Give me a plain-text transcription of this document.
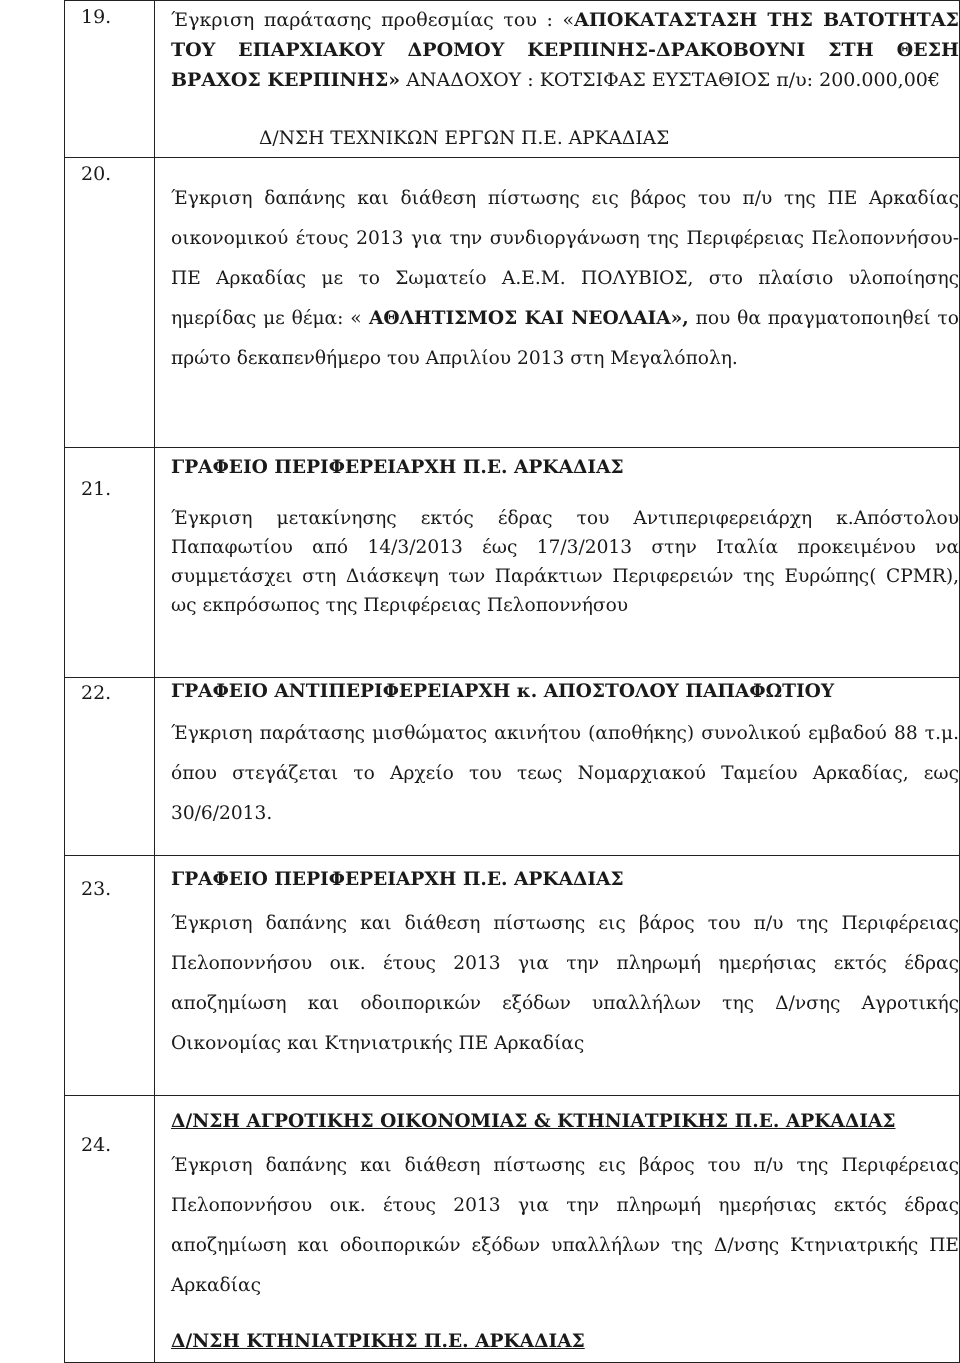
19.	Έγκριση παράτασης προθεσμίας του : «ΑΠΟΚΑΤΑΣΤΑΣΗ ΤΗΣ ΒΑΤΟΤΗΤΑΣ ΤΟΥ ΕΠΑΡΧΙΑΚΟΥ ΔΡΟΜΟΥ ΚΕΡΠΙΝΗΣ-ΔΡΑΚΟΒΟΥΝΙ ΣΤΗ ΘΕΣΗ ΒΡΑΧΟΣ ΚΕΡΠΙΝΗΣ» ΑΝΑΔΟΧΟΥ : ΚΟΤΣΙΦΑΣ ΕΥΣΤΑΘΙΟΣ π/υ: 200.000,00€

Δ/ΝΣΗ ΤΕΧΝΙΚΩΝ ΕΡΓΩΝ Π.Ε. ΑΡΚΑΔΙΑΣ

20.	Έγκριση δαπάνης και διάθεση πίστωσης εις βάρος του π/υ της ΠΕ Αρκαδίας οικονομικού έτους 2013 για την συνδιοργάνωση της Περιφέρειας Πελοποννήσου-ΠΕ Αρκαδίας με το Σωματείο Α.Ε.Μ. ΠΟΛΥΒΙΟΣ, στο πλαίσιο υλοποίησης ημερίδας με θέμα: « ΑΘΛΗΤΙΣΜΟΣ ΚΑΙ ΝΕΟΛΑΙΑ», που θα πραγματοποιηθεί το πρώτο δεκαπενθήμερο του Απριλίου 2013 στη Μεγαλόπολη.

21.	ΓΡΑΦΕΙΟ ΠΕΡΙΦΕΡΕΙΑΡΧΗ Π.Ε. ΑΡΚΑΔΙΑΣ

Έγκριση μετακίνησης εκτός έδρας του Αντιπεριφερειάρχη κ.Απόστολου Παπαφωτίου από 14/3/2013 έως 17/3/2013 στην Ιταλία προκειμένου να συμμετάσχει στη Διάσκεψη των Παράκτιων Περιφερειών της Ευρώπης( CPMR), ως εκπρόσωπος της Περιφέρειας Πελοποννήσου

22.	ΓΡΑΦΕΙΟ ΑΝΤΙΠΕΡΙΦΕΡΕΙΑΡΧΗ κ. ΑΠΟΣΤΟΛΟΥ ΠΑΠΑΦΩΤΙΟΥ

Έγκριση παράτασης μισθώματος ακινήτου (αποθήκης) συνολικού εμβαδού 88 τ.μ. όπου στεγάζεται το Αρχείο του τεως Νομαρχιακού Ταμείου Αρκαδίας, εως 30/6/2013.

23.	ΓΡΑΦΕΙΟ ΠΕΡΙΦΕΡΕΙΑΡΧΗ Π.Ε. ΑΡΚΑΔΙΑΣ

Έγκριση δαπάνης και διάθεση πίστωσης εις βάρος του π/υ της Περιφέρειας Πελοποννήσου οικ. έτους 2013 για την πληρωμή ημερήσιας εκτός έδρας αποζημίωση και οδοιπορικών εξόδων υπαλλήλων της Δ/νσης Αγροτικής Οικονομίας και Κτηνιατρικής ΠΕ Αρκαδίας

24.	Δ/ΝΣΗ ΑΓΡΟΤΙΚΗΣ ΟΙΚΟΝΟΜΙΑΣ & ΚΤΗΝΙΑΤΡΙΚΗΣ Π.Ε. ΑΡΚΑΔΙΑΣ

Έγκριση δαπάνης και διάθεση πίστωσης εις βάρος του π/υ της Περιφέρειας Πελοποννήσου οικ. έτους 2013 για την πληρωμή ημερήσιας εκτός έδρας αποζημίωση και οδοιπορικών εξόδων υπαλλήλων της Δ/νσης Κτηνιατρικής ΠΕ Αρκαδίας

Δ/ΝΣΗ ΚΤΗΝΙΑΤΡΙΚΗΣ Π.Ε. ΑΡΚΑΔΙΑΣ
